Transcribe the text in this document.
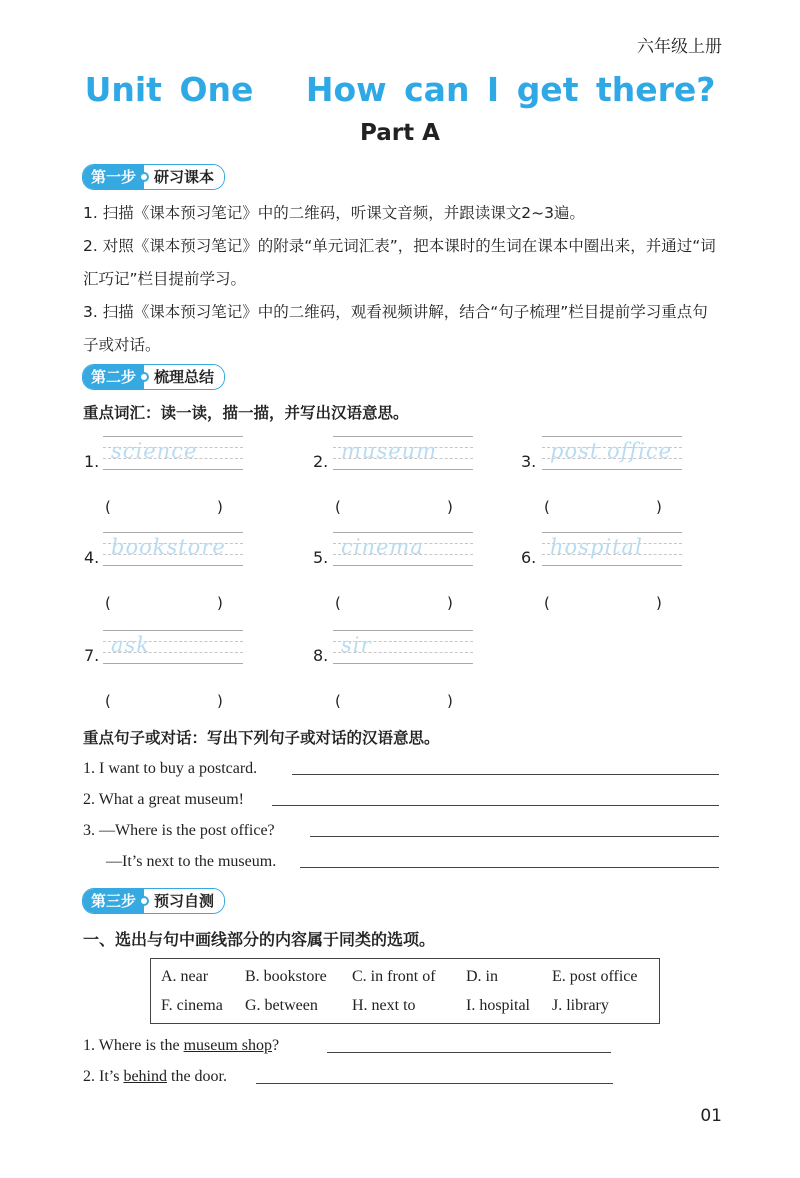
六年级上册
Unit One How can I get there?
Part A
第一步	研习课本
1. 扫描《课本预习笔记》中的二维码，听课文音频，并跟读课文2~3遍。
2. 对照《课本预习笔记》的附录“单元词汇表”，把本课时的生词在课本中圈出来，并通过“词汇巧记”栏目提前学习。
3. 扫描《课本预习笔记》中的二维码，观看视频讲解，结合“句子梳理”栏目提前学习重点句子或对话。
第二步	梳理总结
重点词汇：读一读，描一描，并写出汉语意思。
1. science
(	)
2. museum
(	)
3. post office
(	)
4. bookstore
(	)
5. cinema
(	)
6. hospital
(	)
7. ask
(	)
8. sir
(	)
重点句子或对话：写出下列句子或对话的汉语意思。
1. I want to buy a postcard.
2. What a great museum!
3. —Where is the post office?
—It’s next to the museum.
第三步	预习自测
一、选出与句中画线部分的内容属于同类的选项。
A. near B. bookstore C. in front of D. in	E. post office
F. cinema G. between H. next to	I. hospital J. library
1. Where is the museum shop?
2. It’s behind the door.
01
